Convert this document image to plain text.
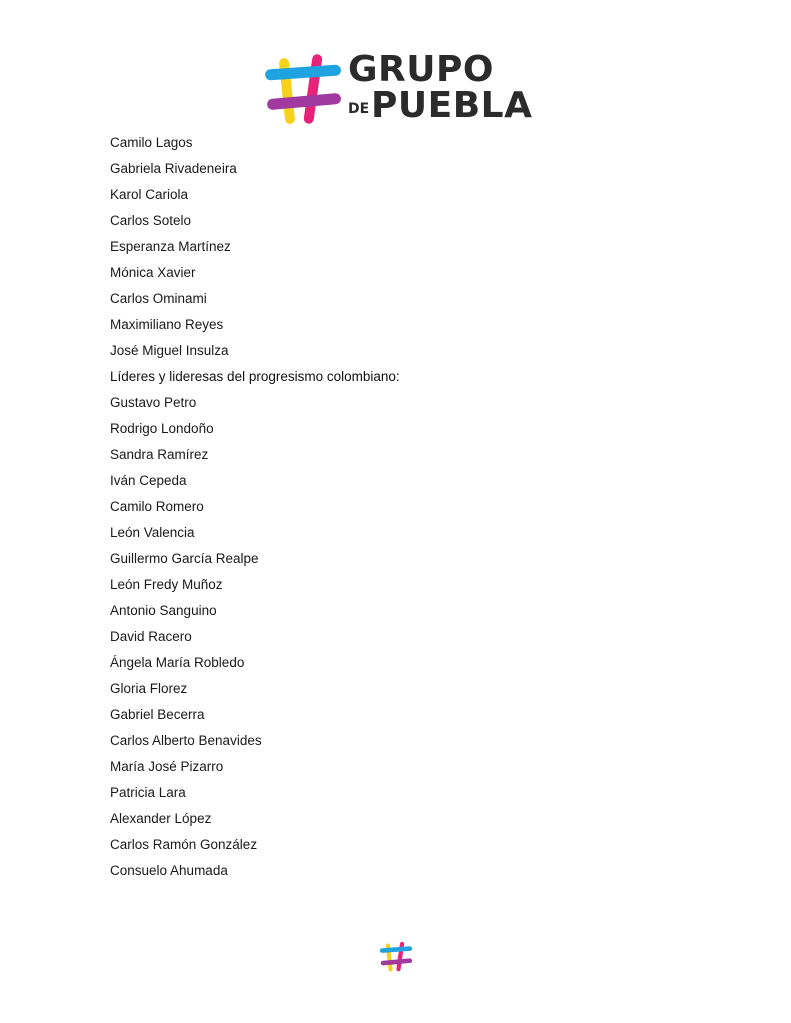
GRUPO
DE PUEBLA
Camilo Lagos
Gabriela Rivadeneira
Karol Cariola
Carlos Sotelo
Esperanza Martínez
Mónica Xavier
Carlos Ominami
Maximiliano Reyes
José Miguel Insulza
Líderes y lideresas del progresismo colombiano:
Gustavo Petro
Rodrigo Londoño
Sandra Ramírez
Iván Cepeda
Camilo Romero
León Valencia
Guillermo García Realpe
León Fredy Muñoz
Antonio Sanguino
David Racero
Ángela María Robledo
Gloria Florez
Gabriel Becerra
Carlos Alberto Benavides
María José Pizarro
Patricia Lara
Alexander López
Carlos Ramón González
Consuelo Ahumada
